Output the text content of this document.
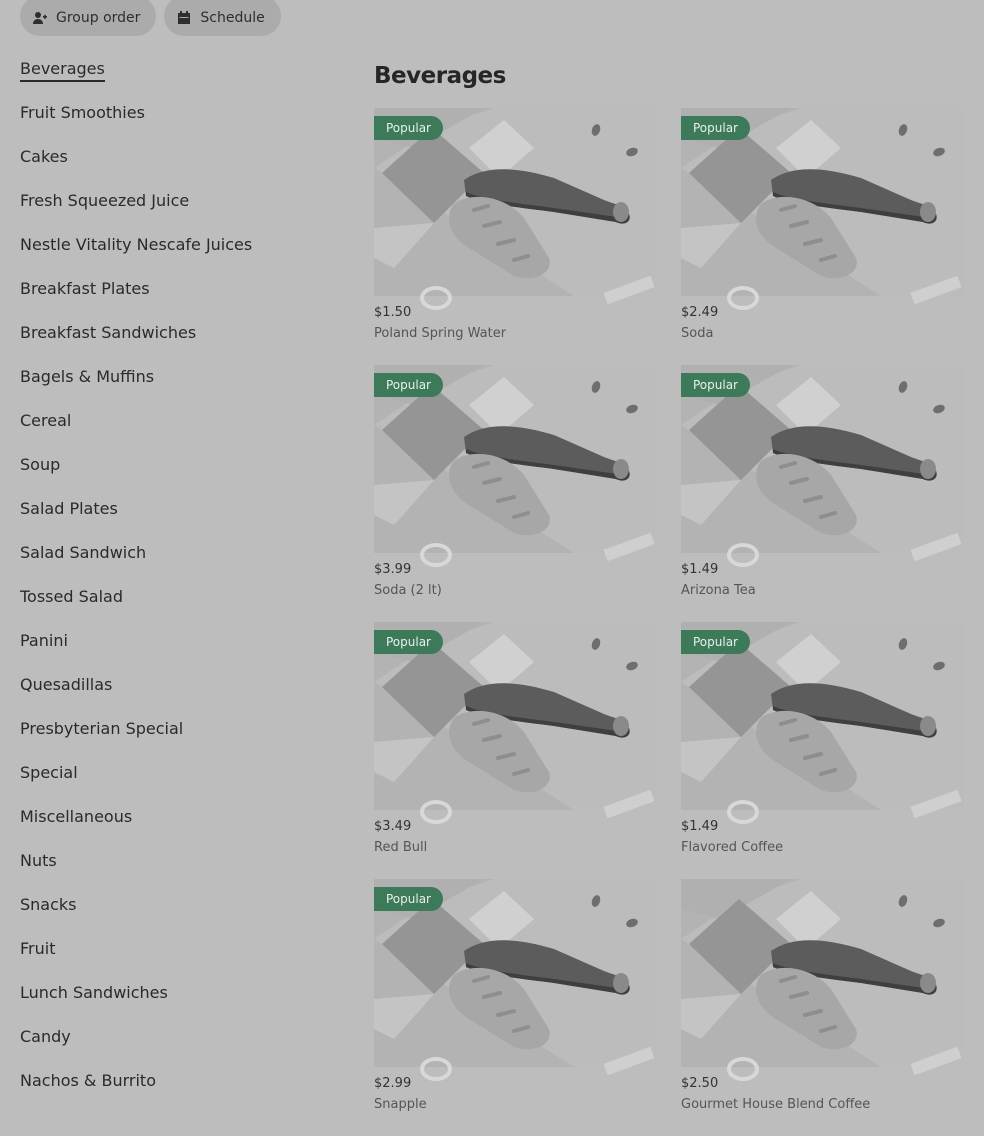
Group order	Schedule
Beverages
Fruit Smoothies
Cakes
Fresh Squeezed Juice
Nestle Vitality Nescafe Juices
Breakfast Plates
Breakfast Sandwiches
Bagels & Muffins
Cereal
Soup
Salad Plates
Salad Sandwich
Tossed Salad
Panini
Quesadillas
Presbyterian Special
Special
Miscellaneous
Nuts
Snacks
Fruit
Lunch Sandwiches
Candy
Nachos & Burrito
Beverages
Popular
$1.50
Poland Spring Water
Popular
$2.49
Soda
Popular
$3.99
Soda (2 lt)
Popular
$1.49
Arizona Tea
Popular
$3.49
Red Bull
Popular
$1.49
Flavored Coffee
Popular
$2.99
Snapple
$2.50
Gourmet House Blend Coffee
